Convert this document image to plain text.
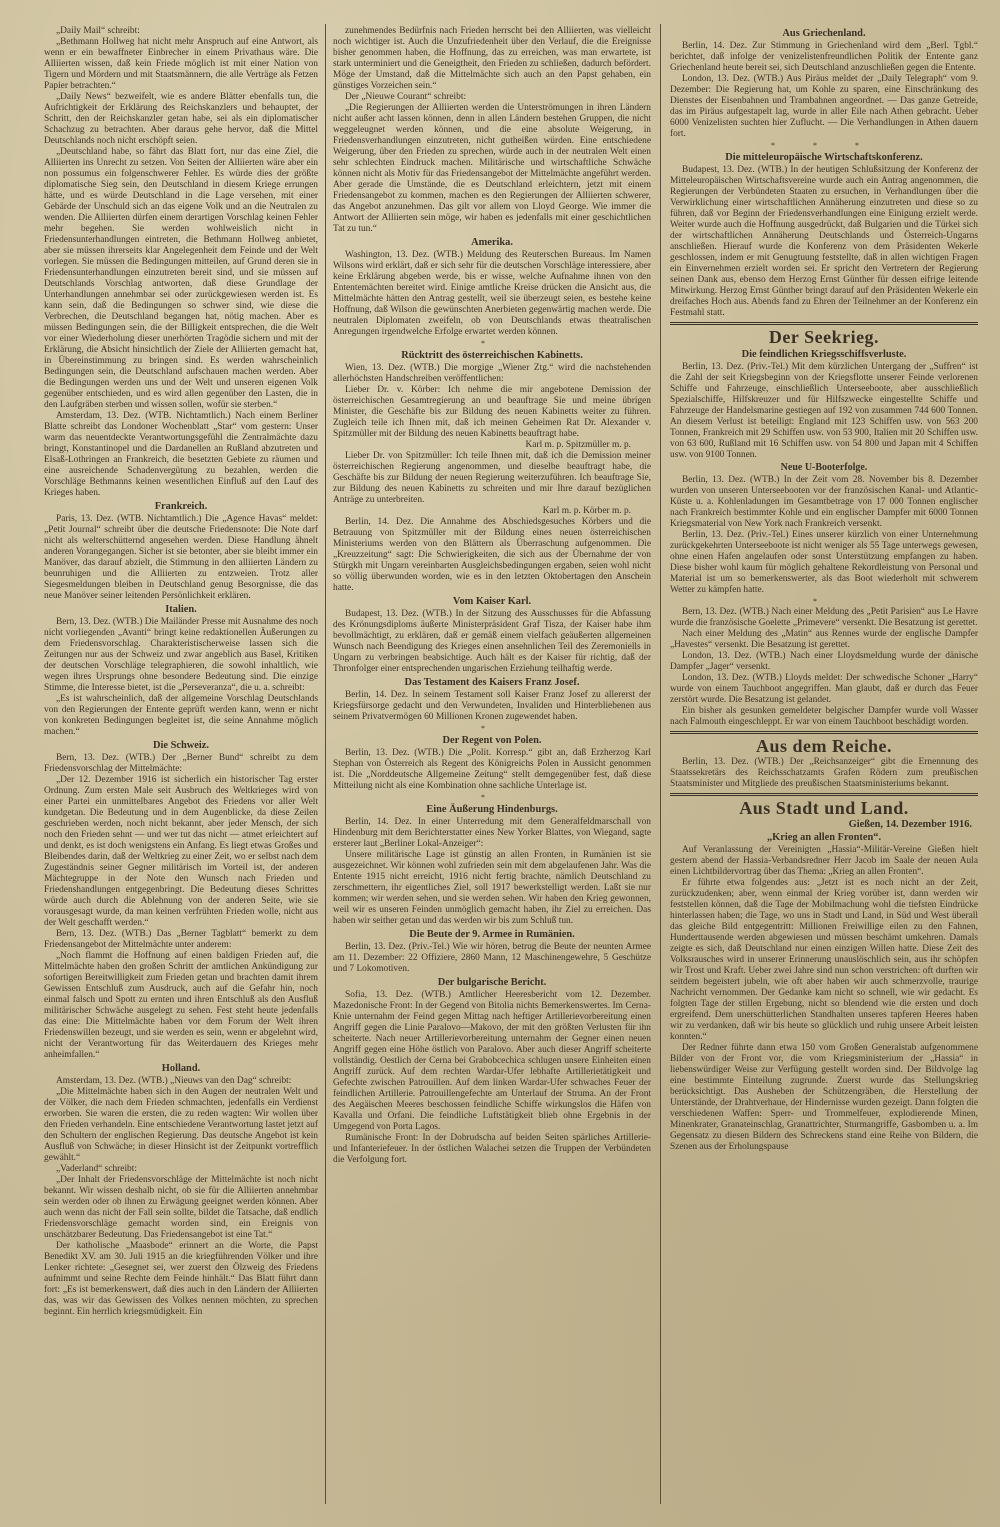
„Daily Mail“ schreibt:

„Bethmann Hollweg hat nicht mehr Anspruch auf eine Antwort, als wenn er ein bewaffneter Einbrecher in einem Privathaus wäre. Die Alliierten wissen, daß kein Friede möglich ist mit einer Nation von Tigern und Mördern und mit Staatsmännern, die alle Verträge als Fetzen Papier betrachten.“

„Daily News“ bezweifelt, wie es andere Blätter ebenfalls tun, die Aufrichtigkeit der Erklärung des Reichskanzlers und behauptet, der Schritt, den der Reichskanzler getan habe, sei als ein diplomatischer Schachzug zu betrachten. Aber daraus gehe hervor, daß die Mittel Deutschlands noch nicht erschöpft seien.

„Deutschland habe, so fährt das Blatt fort, nur das eine Ziel, die Alliierten ins Unrecht zu setzen. Von Seiten der Alliierten wäre aber ein non possumus ein folgenschwerer Fehler. Es würde dies der größte diplomatische Sieg sein, den Deutschland in diesem Kriege errungen hätte, und es würde Deutschland in die Lage versehen, mit einer Gebärde der Unschuld sich an das eigene Volk und an die Neutralen zu wenden. Die Alliierten dürfen einem derartigen Vorschlag keinen Fehler mehr begehen. Sie werden wohlweislich nicht in Friedensunterhandlungen eintreten, die Bethmann Hollweg anbietet, aber sie müssen ihrerseits klar Angelegenheit dem Feinde und der Welt vorlegen. Sie müssen die Bedingungen mitteilen, auf Grund deren sie in Friedensunterhandlungen einzutreten bereit sind, und sie müssen auf Deutschlands Vorschlag antworten, daß diese Grundlage der Unterhandlungen annehmbar sei oder zurückgewiesen werden ist. Es kann sein, daß die Bedingungen so schwer sind, wie diese die Verbrechen, die Deutschland begangen hat, nötig machen. Aber es müssen Bedingungen sein, die der Billigkeit entsprechen, die die Welt vor einer Wiederholung dieser unerhörten Tragödie sichern und mit der Erklärung, die Absicht hinsichtlich der Ziele der Alliierten gemacht hat, in Übereinstimmung zu bringen sind. Es werden wahrscheinlich Bedingungen sein, die Deutschland aufschauen machen werden. Aber die Bedingungen werden uns und der Welt und unseren eigenen Volk gegenüber entschieden, und es wird allen gegenüber den Lasten, die in den Laufgräben sterben und wissen sollen, wofür sie sterben.“

Amsterdam, 13. Dez. (WTB. Nichtamtlich.) Nach einem Berliner Blatte schreibt das Londoner Wochenblatt „Star“ vom gestern: Unser warm das neuentdeckte Verantwortungsgefühl die Zentralmächte dazu bringt, Konstantinopel und die Dardanellen an Rußland abzutreten und Elsaß-Lothringen an Frankreich, die besetzten Gebiete zu räumen und eine ausreichende Schadenvergütung zu bezahlen, werden die Vorschläge Bethmanns keinen wesentlichen Einfluß auf den Lauf des Krieges haben.

Frankreich.

Paris, 13. Dez. (WTB. Nichtamtlich.) Die „Agence Havas“ meldet: „Petit Journal“ schreibt über die deutsche Friedensnote: Die Note darf nicht als welterschütternd angesehen werden. Diese Handlung ähnelt anderen Vorangegangen. Sicher ist sie betonter, aber sie bleibt immer ein Manöver, das darauf abzielt, die Stimmung in den alliierten Ländern zu beunruhigen und die Alliierten zu entzweien. Trotz aller Siegesmeldungen bleiben in Deutschland genug Besorgnisse, die das neue Manöver seiner leitenden Persönlichkeit erklären.

Italien.

Bern, 13. Dez. (WTB.) Die Mailänder Presse mit Ausnahme des noch nicht vorliegenden „Avanti“ bringt keine redaktionellen Äußerungen zu dem Friedensvorschlag. Charakteristischerweise lassen sich die Zeitungen nur aus der Schweiz und zwar angeblich aus Basel, Kritiken der deutschen Vorschläge telegraphieren, die sowohl inhaltlich, wie wegen ihres Ursprungs ohne besondere Bedeutung sind. Die einzige Stimme, die Interesse bietet, ist die „Perseveranza“, die u. a. schreibt:

„Es ist wahrscheinlich, daß der allgemeine Vorschlag Deutschlands von den Regierungen der Entente geprüft werden kann, wenn er nicht von konkreten Bedingungen begleitet ist, die seine Annahme möglich machen.“

Die Schweiz.

Bern, 13. Dez. (WTB.) Der „Berner Bund“ schreibt zu dem Friedensvorschlag der Mittelmächte:

„Der 12. Dezember 1916 ist sicherlich ein historischer Tag erster Ordnung. Zum ersten Male seit Ausbruch des Weltkrieges wird von einer Partei ein unmittelbares Angebot des Friedens vor aller Welt kundgetan. Die Bedeutung und in dem Augenblicke, da diese Zeilen geschrieben werden, noch nicht bekannt, aber jeder Mensch, der sich noch den Frieden sehnt — und wer tut das nicht — atmet erleichtert auf und denkt, es ist doch wenigstens ein Anfang. Es liegt etwas Großes und Bleibendes darin, daß der Weltkrieg zu einer Zeit, wo er selbst nach dem Zugeständnis seiner Gegner militärisch im Vorteil ist, der anderen Mächtegruppe in der Note den Wunsch nach Frieden und Friedenshandlungen entgegenbringt. Die Bedeutung dieses Schrittes würde auch durch die Ablehnung von der anderen Seite, wie sie vorausgesagt wurde, da man keinen verfrühten Frieden wolle, nicht aus der Welt geschafft werden.“

Bern, 13. Dez. (WTB.) Das „Berner Tagblatt“ bemerkt zu dem Friedensangebot der Mittelmächte unter anderem:

„Noch flammt die Hoffnung auf einen baldigen Frieden auf, die Mittelmächte haben den großen Schritt der amtlichen Ankündigung zur sofortigen Bereitwilligkeit zum Frieden getan und brachten damit ihrem Gewissen Entschluß zum Ausdruck, auch auf die Gefahr hin, noch einmal falsch und Spott zu ernten und ihren Entschluß als den Ausfluß militärischer Schwäche ausgelegt zu sehen. Fest steht heute jedenfalls das eine: Die Mittelmächte haben vor dem Forum der Welt ihren Friedenswillen bezeugt, und sie werden es sein, wenn er abgelehnt wird, nicht der Verantwortung für das Weiterdauern des Krieges mehr anheimfallen.“

Holland.

Amsterdam, 13. Dez. (WTB.) „Nieuws van den Dag“ schreibt:

„Die Mittelmächte haben sich in den Augen der neutralen Welt und der Völker, die nach dem Frieden schmachten, jedenfalls ein Verdienst erworben. Sie waren die ersten, die zu reden wagten: Wir wollen über den Frieden verhandeln. Eine entschiedene Verantwortung lastet jetzt auf den Schultern der englischen Regierung. Das deutsche Angebot ist kein Ausfluß von Schwäche; in dieser Hinsicht ist der Zeitpunkt vortrefflich gewählt.“

„Vaderland“ schreibt:

„Der Inhalt der Friedensvorschläge der Mittelmächte ist noch nicht bekannt. Wir wissen deshalb nicht, ob sie für die Alliierten annehmbar sein werden oder ob ihnen zu Erwägung geeignet werden können. Aber auch wenn das nicht der Fall sein sollte, bildet die Tatsache, daß endlich Friedensvorschläge gemacht worden sind, ein Ereignis von unschätzbarer Bedeutung. Das Friedensangebot ist eine Tat.“

Der katholische „Maasbode“ erinnert an die Worte, die Papst Benedikt XV. am 30. Juli 1915 an die kriegführenden Völker und ihre Lenker richtete: „Gesegnet sei, wer zuerst den Ölzweig des Friedens aufnimmt und seine Rechte dem Feinde hinhält.“ Das Blatt führt dann fort: „Es ist bemerkenswert, daß dies auch in den Ländern der Alliierten das, was wir das Gewissen des Volkes nennen möchten, zu sprechen beginnt. Ein herrlich kriegsmüdigkeit. Ein

zunehmendes Bedürfnis nach Frieden herrscht bei den Alliierten, was vielleicht noch wichtiger ist. Auch die Unzufriedenheit über den Verlauf, die die Ereignisse bisher genommen haben, die Hoffnung, das zu erreichen, was man erwartete, ist stark unterminiert und die Geneigtheit, den Frieden zu schließen, dadurch befördert. Möge der Umstand, daß die Mittelmächte sich auch an den Papst gehaben, ein günstiges Vorzeichen sein.“

Der „Nieuwe Courant“ schreibt:

„Die Regierungen der Alliierten werden die Unterströmungen in ihren Ländern nicht außer acht lassen können, denn in allen Ländern bestehen Gruppen, die nicht weggeleugnet werden können, und die eine absolute Weigerung, in Friedensverhandlungen einzutreten, nicht gutheißen würden. Eine entschiedene Weigerung, über den Frieden zu sprechen, würde auch in der neutralen Welt einen sehr schlechten Eindruck machen. Militärische und wirtschaftliche Schwäche können nicht als Motiv für das Friedensangebot der Mittelmächte angeführt werden. Aber gerade die Umstände, die es Deutschland erleichtern, jetzt mit einem Friedensangebot zu kommen, machen es den Regierungen der Alliierten schwerer, das Angebot anzunehmen. Das gilt vor allem von Lloyd George. Wie immer die Antwort der Alliierten sein möge, wir haben es jedenfalls mit einer geschichtlichen Tat zu tun.“

Amerika.

Washington, 13. Dez. (WTB.) Meldung des Reuterschen Bureaus. Im Namen Wilsons wird erklärt, daß er sich sehr für die deutschen Vorschläge interessiere, aber keine Erklärung abgeben werde, bis er wisse, welche Aufnahme ihnen von den Ententemächten bereitet wird. Einige amtliche Kreise drücken die Ansicht aus, die Mittelmächte hätten den Antrag gestellt, weil sie überzeugt seien, es bestehe keine Hoffnung, daß Wilson die gewünschten Anerbieten gegenwärtig machen werde. Die neutralen Diplomaten zweifeln, ob von Deutschlands etwas theatralischen Anregungen irgendwelche Erfolge erwartet werden können.

*
Rücktritt des österreichischen Kabinetts.

Wien, 13. Dez. (WTB.) Die morgige „Wiener Ztg.“ wird die nachstehenden allerhöchsten Handschreiben veröffentlichen:

Lieber Dr. v. Körber: Ich nehme die mir angebotene Demission der österreichischen Gesamtregierung an und beauftrage Sie und meine übrigen Minister, die Geschäfte bis zur Bildung des neuen Kabinetts weiter zu führen. Zugleich teile ich Ihnen mit, daß ich meinen Geheimen Rat Dr. Alexander v. Spitzmüller mit der Bildung des neuen Kabinetts beauftragt habe.

Karl m. p. Spitzmüller m. p.

Lieber Dr. von Spitzmüller: Ich teile Ihnen mit, daß ich die Demission meiner österreichischen Regierung angenommen, und dieselbe beauftragt habe, die Geschäfte bis zur Bildung der neuen Regierung weiterzuführen. Ich beauftrage Sie, zur Bildung des neuen Kabinetts zu schreiten und mir Ihre darauf bezüglichen Anträge zu unterbreiten.

Karl m. p. Körber m. p.

Berlin, 14. Dez. Die Annahme des Abschiedsgesuches Körbers und die Betrauung von Spitzmüller mit der Bildung eines neuen österreichischen Ministeriums werden von den Blättern als Überraschung aufgenommen. Die „Kreuzzeitung“ sagt: Die Schwierigkeiten, die sich aus der Übernahme der von Stürgkh mit Ungarn vereinbarten Ausgleichsbedingungen ergaben, seien wohl nicht so völlig überwunden worden, wie es in den letzten Oktobertagen den Anschein hatte.

Vom Kaiser Karl.

Budapest, 13. Dez. (WTB.) In der Sitzung des Ausschusses für die Abfassung des Krönungsdiploms äußerte Ministerpräsident Graf Tisza, der Kaiser habe ihm bevollmächtigt, zu erklären, daß er gemäß einem vielfach geäußerten allgemeinen Wunsch nach Beendigung des Krieges einen ansehnlichen Teil des Zeremoniells in Ungarn zu verbringen beabsichtige. Auch hält es der Kaiser für richtig, daß der Thronfolger einer entsprechenden ungarischen Erziehung teilhaftig werde.

Das Testament des Kaisers Franz Josef.

Berlin, 14. Dez. In seinem Testament soll Kaiser Franz Josef zu allererst der Kriegsfürsorge gedacht und den Verwundeten, Invaliden und Hinterbliebenen aus seinem Privatvermögen 60 Millionen Kronen zugewendet haben.

*
Der Regent von Polen.

Berlin, 13. Dez. (WTB.) Die „Polit. Korresp.“ gibt an, daß Erzherzog Karl Stephan von Österreich als Regent des Königreichs Polen in Aussicht genommen ist. Die „Norddeutsche Allgemeine Zeitung“ stellt demgegenüber fest, daß diese Mitteilung nicht als eine Kombination ohne sachliche Unterlage ist.

*
Eine Äußerung Hindenburgs.

Berlin, 14. Dez. In einer Unterredung mit dem Generalfeldmarschall von Hindenburg mit dem Berichterstatter eines New Yorker Blattes, von Wiegand, sagte ersterer laut „Berliner Lokal-Anzeiger“:

Unsere militärische Lage ist günstig an allen Fronten, in Rumänien ist sie ausgezeichnet. Wir können wohl zufrieden sein mit dem abgelaufenen Jahr. Was die Entente 1915 nicht erreicht, 1916 nicht fertig brachte, nämlich Deutschland zu zerschmettern, ihr eigentliches Ziel, soll 1917 bewerkstelligt werden. Laßt sie nur kommen; wir werden sehen, und sie werden sehen. Wir haben den Krieg gewonnen, weil wir es unseren Feinden unmöglich gemacht haben, ihr Ziel zu erreichen. Das haben wir seither getan und das werden wir bis zum Schluß tun.

Die Beute der 9. Armee in Rumänien.

Berlin, 13. Dez. (Priv.-Tel.) Wie wir hören, betrug die Beute der neunten Armee am 11. Dezember: 22 Offiziere, 2860 Mann, 12 Maschinengewehre, 5 Geschütze und 7 Lokomotiven.

Der bulgarische Bericht.

Sofia, 13. Dez. (WTB.) Amtlicher Heeresbericht vom 12. Dezember. Mazedonische Front: In der Gegend von Bitolia nichts Bemerkenswertes. Im Cerna-Knie unternahm der Feind gegen Mittag nach heftiger Artillerievorbereitung einen Angriff gegen die Linie Paralovo—Makovo, der mit den größten Verlusten für ihn scheiterte. Nach neuer Artillerievorbereitung unternahm der Gegner einen neuen Angriff gegen eine Höhe östlich von Paralovo. Aber auch dieser Angriff scheiterte vollständig. Oestlich der Cerna bei Grabobcechica schlugen unsere Einheiten einen Angriff zurück. Auf dem rechten Wardar-Ufer lebhafte Artillerietätigkeit und Gefechte zwischen Patrouillen. Auf dem linken Wardar-Ufer schwaches Feuer der feindlichen Artillerie. Patrouillengefechte am Unterlauf der Struma. An der Front des Aegäischen Meeres beschossen feindliche Schiffe wirkungslos die Häfen von Kavalla und Orfani. Die feindliche Luftstätigkeit blieb ohne Ergebnis in der Umgegend von Porta Lagos.

Rumänische Front: In der Dobrudscha auf beiden Seiten spärliches Artillerie- und Infanteriefeuer. In der östlichen Walachei setzen die Truppen der Verbündeten die Verfolgung fort.

Aus Griechenland.

Berlin, 14. Dez. Zur Stimmung in Griechenland wird dem „Berl. Tgbl.“ berichtet, daß infolge der venizelistenfreundlichen Politik der Entente ganz Griechenland heute bereit sei, sich Deutschland anzuschließen gegen die Entente.

London, 13. Dez. (WTB.) Aus Piräus meldet der „Daily Telegraph“ vom 9. Dezember: Die Regierung hat, um Kohle zu sparen, eine Einschränkung des Dienstes der Eisenbahnen und Trambahnen angeordnet. — Das ganze Getreide, das im Piräus aufgestapelt lag, wurde in aller Eile nach Athen gebracht. Ueber 6000 Venizelisten suchten hier Zuflucht. — Die Verhandlungen in Athen dauern fort.

* * *
Die mitteleuropäische Wirtschaftskonferenz.

Budapest, 13. Dez. (WTB.) In der heutigen Schlußsitzung der Konferenz der Mitteleuropäischen Wirtschaftsvereine wurde auch ein Antrag angenommen, die Regierungen der Verbündeten Staaten zu ersuchen, in Verhandlungen über die Verwirklichung einer wirtschaftlichen Annäherung einzutreten und diese so zu führen, daß vor Beginn der Friedensverhandlungen eine Einigung erzielt werde. Weiter wurde auch die Hoffnung ausgedrückt, daß Bulgarien und die Türkei sich der wirtschaftlichen Annäherung Deutschlands und Österreich-Ungarns anschließen. Hierauf wurde die Konferenz von dem Präsidenten Wekerle geschlossen, indem er mit Genugtuung feststellte, daß in allen wichtigen Fragen ein Einvernehmen erzielt worden sei. Er spricht den Vertretern der Regierung seinen Dank aus, ebenso dem Herzog Ernst Günther für dessen eifrige leitende Mitwirkung. Herzog Ernst Günther bringt darauf auf den Präsidenten Wekerle ein dreifaches Hoch aus. Abends fand zu Ehren der Teilnehmer an der Konferenz ein Festmahl statt.

Der Seekrieg.
Die feindlichen Kriegsschiffsverluste.

Berlin, 13. Dez. (Priv.-Tel.) Mit dem kürzlichen Untergang der „Suffren“ ist die Zahl der seit Kriegsbeginn von der Kriegsflotte unserer Feinde verlorenen Schiffe und Fahrzeuge, einschließlich Unterseeboote, aber ausschließlich Spezialschiffe, Hilfskreuzer und für Hilfszwecke eingestellte Schiffe und Fahrzeuge der Handelsmarine gestiegen auf 192 von zusammen 744 600 Tonnen. An diesem Verlust ist beteiligt: England mit 123 Schiffen usw. von 563 200 Tonnen, Frankreich mit 29 Schiffen usw. von 53 900, Italien mit 20 Schiffen usw. von 63 600, Rußland mit 16 Schiffen usw. von 54 800 und Japan mit 4 Schiffen usw. von 9100 Tonnen.

Neue U-Booterfolge.

Berlin, 13. Dez. (WTB.) In der Zeit vom 28. November bis 8. Dezember wurden von unseren Unterseebooten vor der französischen Kanal- und Atlantic-Küste u. a. Kohlenladungen im Gesamtbetrage von 17 000 Tonnen englischer nach Frankreich bestimmter Kohle und ein englischer Dampfer mit 6000 Tonnen Kriegsmaterial von New York nach Frankreich versenkt.

Berlin, 13. Dez. (Priv.-Tel.) Eines unserer kürzlich von einer Unternehmung zurückgekehrten Unterseeboote ist nicht weniger als 55 Tage unterwegs gewesen, ohne einen Hafen angelaufen oder sonst Unterstützung empfangen zu haben. Diese bisher wohl kaum für möglich gehaltene Rekordleistung von Personal und Material ist um so bemerkenswerter, als das Boot wiederholt mit schwerem Wetter zu kämpfen hatte.

*

Bern, 13. Dez. (WTB.) Nach einer Meldung des „Petit Parisien“ aus Le Havre wurde die französische Goelette „Primevere“ versenkt. Die Besatzung ist gerettet.

Nach einer Meldung des „Matin“ aus Rennes wurde der englische Dampfer „Havestes“ versenkt. Die Besatzung ist gerettet.

London, 13. Dez. (WTB.) Nach einer Lloydsmeldung wurde der dänische Dampfer „Jager“ versenkt.

London, 13. Dez. (WTB.) Lloyds meldet: Der schwedische Schoner „Harry“ wurde von einem Tauchboot angegriffen. Man glaubt, daß er durch das Feuer zerstört wurde. Die Besatzung ist gelandet.

Ein bisher als gesunken gemeldeter belgischer Dampfer wurde voll Wasser nach Falmouth eingeschleppt. Er war von einem Tauchboot beschädigt worden.

Aus dem Reiche.

Berlin, 13. Dez. (WTB.) Der „Reichsanzeiger“ gibt die Ernennung des Staatssekretärs des Reichsschatzamts Grafen Rödern zum preußischen Staatsminister und Mitgliede des preußischen Staatsministeriums bekannt.

Aus Stadt und Land.
Gießen, 14. Dezember 1916.
„Krieg an allen Fronten“.

Auf Veranlassung der Vereinigten „Hassia“-Militär-Vereine Gießen hielt gestern abend der Hassia-Verbandsredner Herr Jacob im Saale der neuen Aula einen Lichtbildervortrag über das Thema: „Krieg an allen Fronten“.

Er führte etwa folgendes aus: „Jetzt ist es noch nicht an der Zeit, zurückzudenken; aber, wenn einmal der Krieg vorüber ist, dann werden wir feststellen können, daß die Tage der Mobilmachung wohl die tiefsten Eindrücke hinterlassen haben; die Tage, wo uns in Stadt und Land, in Süd und West überall das gleiche Bild entgegentritt: Millionen Freiwillige eilen zu den Fahnen, Hunderttausende werden abgewiesen und müssen beschämt umkehren. Damals zeigte es sich, daß Deutschland nur einen einzigen Willen hatte. Diese Zeit des Volksrausches wird in unserer Erinnerung unauslöschlich sein, aus ihr schöpfen wir Trost und Kraft. Ueber zwei Jahre sind nun schon verstrichen: oft durften wir seitdem begeistert jubeln, wie oft aber haben wir auch schmerzvolle, traurige Nachricht vernommen. Der Gedanke kam nicht so schnell, wie wir gedacht. Es folgten Tage der stillen Ergebung, nicht so blendend wie die ersten und doch ergreifend. Dem unerschütterlichen Standhalten unseres tapferen Heeres haben wir zu verdanken, daß wir bis heute so glücklich und ruhig unsere Arbeit leisten konnten.“

Der Redner führte dann etwa 150 vom Großen Generalstab aufgenommene Bilder von der Front vor, die vom Kriegsministerium der „Hassia“ in liebenswürdiger Weise zur Verfügung gestellt worden sind. Der Bildvolge lag eine bestimmte Einteilung zugrunde. Zuerst wurde das Stellungskrieg berücksichtigt. Das Ausheben der Schützengräben, die Herstellung der Unterstände, der Drahtverhaue, der Hindernisse wurden gezeigt. Dann folgten die verschiedenen Waffen: Sperr- und Trommelfeuer, explodierende Minen, Minenkrater, Granateinschlag, Granattrichter, Sturmangriffe, Gasbomben u. a. Im Gegensatz zu diesen Bildern des Schreckens stand eine Reihe von Bildern, die Szenen aus der Erholungspause
